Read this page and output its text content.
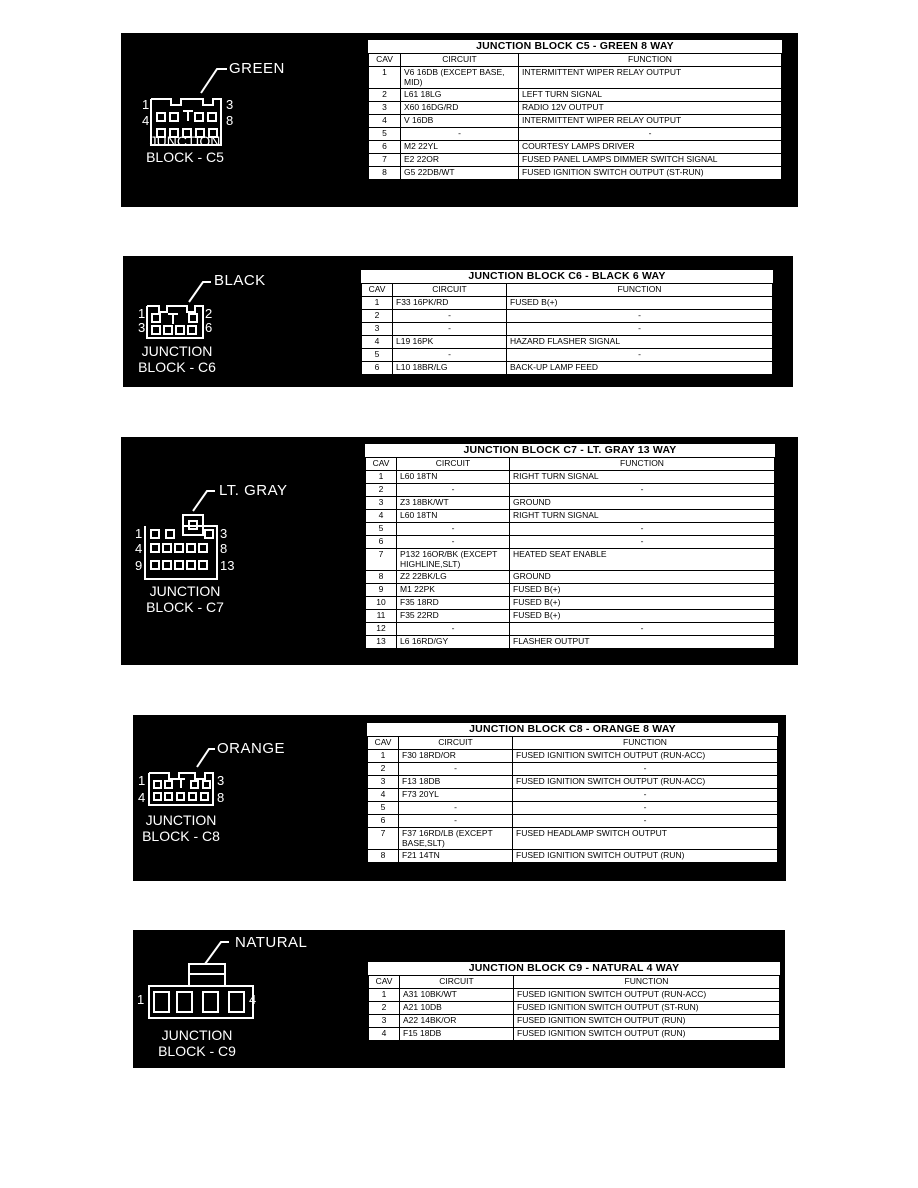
GREEN
1	3
4	8
JUNCTION
BLOCK - C5
JUNCTION BLOCK C5 - GREEN 8 WAY
CAV	CIRCUIT	FUNCTION
1	V6 16DB (EXCEPT BASE, MID)	INTERMITTENT WIPER RELAY OUTPUT
2	L61 18LG	LEFT TURN SIGNAL
3	X60 16DG/RD	RADIO 12V OUTPUT
4	V 16DB	INTERMITTENT WIPER RELAY OUTPUT
5	-	-
6	M2 22YL	COURTESY LAMPS DRIVER
7	E2 22OR	FUSED PANEL LAMPS DIMMER SWITCH SIGNAL
8	G5 22DB/WT	FUSED IGNITION SWITCH OUTPUT (ST-RUN)
BLACK
1	2
3	6
JUNCTION
BLOCK - C6
JUNCTION BLOCK C6 - BLACK 6 WAY
CAV	CIRCUIT	FUNCTION
1	F33 16PK/RD	FUSED B(+)
2	-	-
3	-	-
4	L19 16PK	HAZARD FLASHER SIGNAL
5	-	-
6	L10 18BR/LG	BACK-UP LAMP FEED
LT. GRAY
1	3
4	8
9	13
JUNCTION
BLOCK - C7
JUNCTION BLOCK C7 - LT. GRAY 13 WAY
CAV	CIRCUIT	FUNCTION
1	L60 18TN	RIGHT TURN SIGNAL
2	-	-
3	Z3 18BK/WT	GROUND
4	L60 18TN	RIGHT TURN SIGNAL
5	-	-
6	-	-
7	P132 16OR/BK (EXCEPT HIGHLINE,SLT)	HEATED SEAT ENABLE
8	Z2 22BK/LG	GROUND
9	M1 22PK	FUSED B(+)
10	F35 18RD	FUSED B(+)
11	F35 22RD	FUSED B(+)
12	-	-
13	L6 16RD/GY	FLASHER OUTPUT
ORANGE
1	3
4	8
JUNCTION
BLOCK - C8
JUNCTION BLOCK C8 - ORANGE 8 WAY
CAV	CIRCUIT	FUNCTION
1	F30 18RD/OR	FUSED IGNITION SWITCH OUTPUT (RUN-ACC)
2	-	-
3	F13 18DB	FUSED IGNITION SWITCH OUTPUT (RUN-ACC)
4	F73 20YL	-
5	-	-
6	-	-
7	F37 16RD/LB (EXCEPT BASE,SLT)	FUSED HEADLAMP SWITCH OUTPUT
8	F21 14TN	FUSED IGNITION SWITCH OUTPUT (RUN)
NATURAL
1	4
JUNCTION
BLOCK - C9
JUNCTION BLOCK C9 - NATURAL 4 WAY
CAV	CIRCUIT	FUNCTION
1	A31 10BK/WT	FUSED IGNITION SWITCH OUTPUT (RUN-ACC)
2	A21 10DB	FUSED IGNITION SWITCH OUTPUT (ST-RUN)
3	A22 14BK/OR	FUSED IGNITION SWITCH OUTPUT (RUN)
4	F15 18DB	FUSED IGNITION SWITCH OUTPUT (RUN)
